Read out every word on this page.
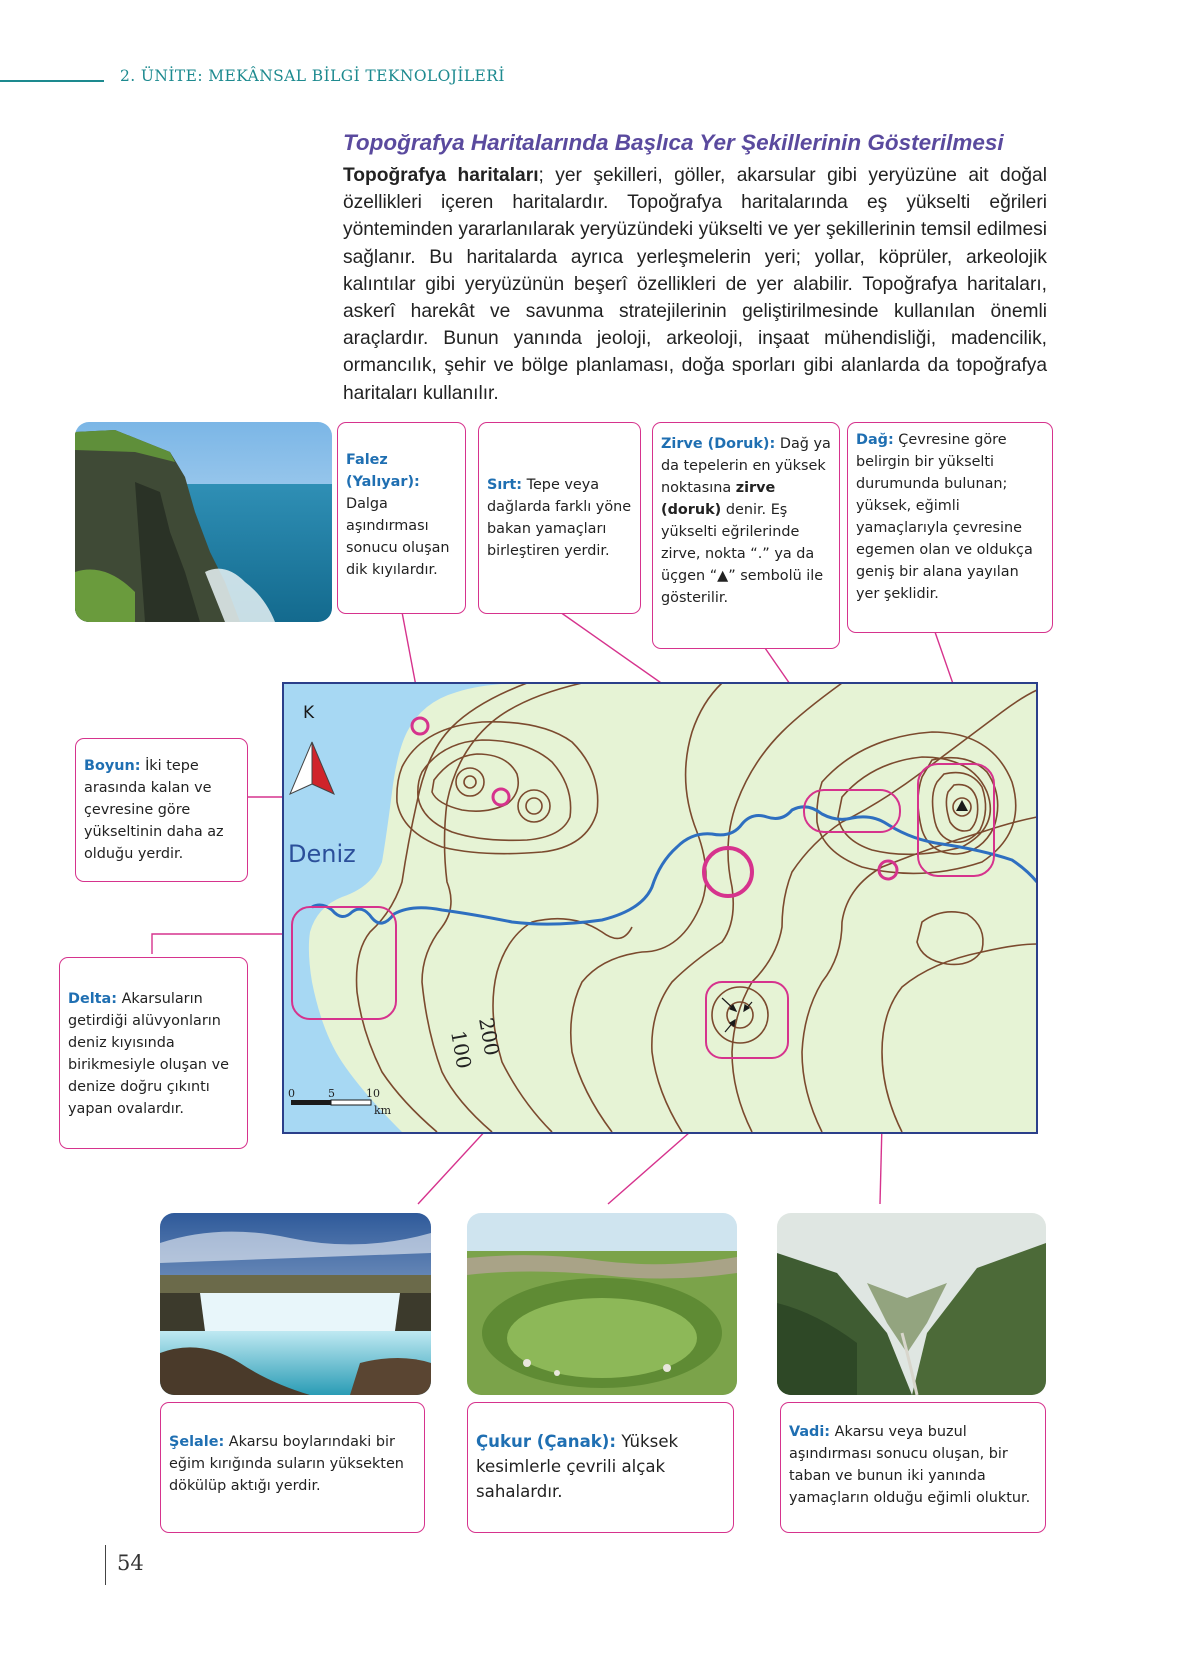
2. ÜNİTE: MEKÂNSAL BİLGİ TEKNOLOJİLERİ
Topoğrafya Haritalarında Başlıca Yer Şekillerinin Gösterilmesi
Topoğrafya haritaları; yer şekilleri, göller, akarsular gibi yeryüzüne ait doğal özellikleri içeren haritalardır. Topoğrafya haritalarında eş yükselti eğrileri yönteminden yararlanılarak yeryüzündeki yükselti ve yer şekillerinin temsil edilmesi sağlanır. Bu haritalarda ayrıca yerleşmelerin yeri; yollar, köprüler, arkeolojik kalıntılar gibi yeryüzünün beşerî özellikleri de yer alabilir. Topoğrafya haritaları, askerî harekât ve savunma stratejilerinin geliştirilmesinde kullanılan önemli araçlardır. Bunun yanında jeoloji, arkeoloji, inşaat mühendisliği, madencilik, ormancılık, şehir ve bölge planlaması, doğa sporları gibi alanlarda da topoğrafya haritaları kullanılır.
Falez (Yalıyar):
Dalga aşındırması sonucu oluşan dik kıyılardır.
Sırt: Tepe veya dağlarda farklı yöne bakan yamaçları birleştiren yerdir.
Zirve (Doruk): Dağ ya da tepelerin en yüksek noktasına zirve (doruk) denir. Eş yükselti eğrilerinde zirve, nokta “.” ya da üçgen “▲” sembolü ile gösterilir.
Dağ: Çevresine göre belirgin bir yükselti durumunda bulunan; yüksek, eğimli yamaçlarıyla çevresine egemen olan ve oldukça geniş bir alana yayılan yer şeklidir.
Boyun: İki tepe arasında kalan ve çevresine göre yükseltinin daha az olduğu yerdir.
Delta: Akarsuların getirdiği alüvyonların deniz kıyısında birikmesiyle oluşan ve denize doğru çıkıntı yapan ovalardır.
K
Deniz
200
100
0	5	10
km
Şelale: Akarsu boylarındaki bir eğim kırığında suların yüksekten dökülüp aktığı yerdir.
Çukur (Çanak): Yüksek kesimlerle çevrili alçak sahalardır.
Vadi: Akarsu veya buzul aşındırması sonucu oluşan, bir taban ve bunun iki yanında yamaçların olduğu eğimli oluktur.
54
